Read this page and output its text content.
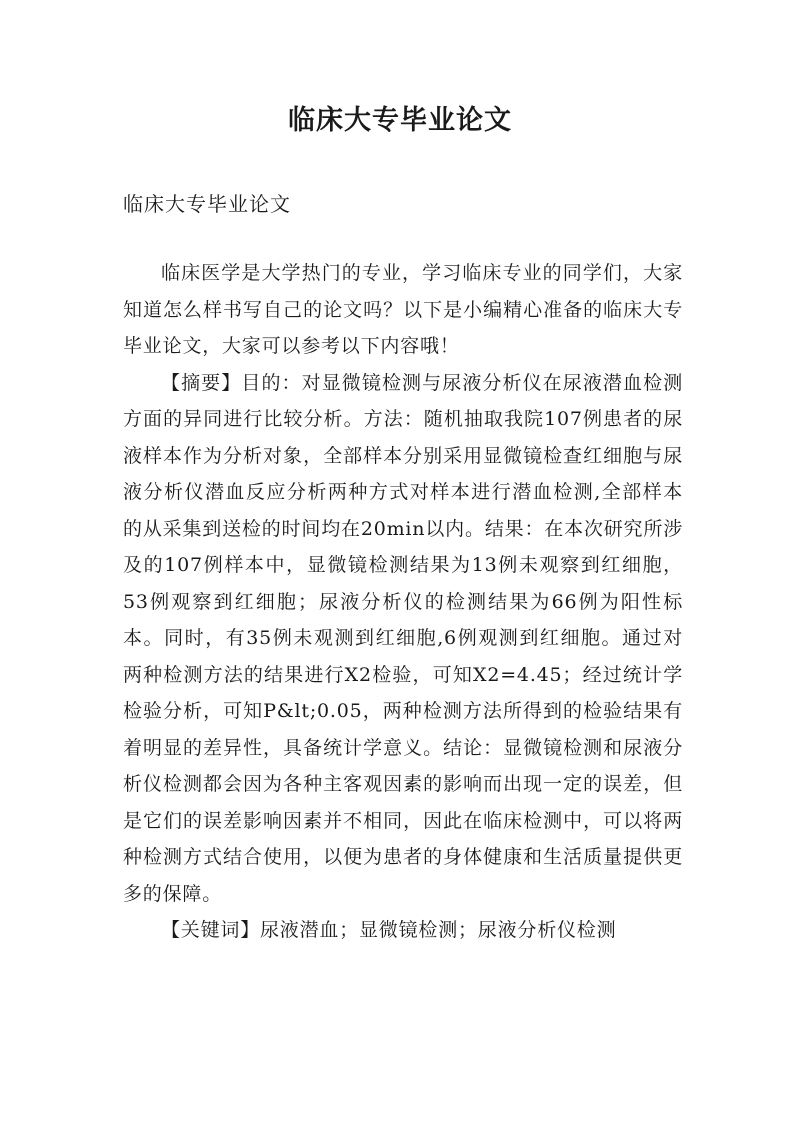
临床大专毕业论文
临床大专毕业论文

临床医学是大学热门的专业，学习临床专业的同学们，大家知道怎么样书写自己的论文吗？以下是小编精心准备的临床大专毕业论文，大家可以参考以下内容哦！

【摘要】目的：对显微镜检测与尿液分析仪在尿液潜血检测方面的异同进行比较分析。方法：随机抽取我院107例患者的尿液样本作为分析对象，全部样本分别采用显微镜检查红细胞与尿液分析仪潜血反应分析两种方式对样本进行潜血检测,全部样本的从采集到送检的时间均在20min以内。结果：在本次研究所涉及的107例样本中，显微镜检测结果为13例未观察到红细胞，53例观察到红细胞；尿液分析仪的检测结果为66例为阳性标本。同时，有35例未观测到红细胞,6例观测到红细胞。通过对两种检测方法的结果进行X2检验，可知X2=4.45；经过统计学检验分析，可知P&lt;0.05，两种检测方法所得到的检验结果有着明显的差异性，具备统计学意义。结论：显微镜检测和尿液分析仪检测都会因为各种主客观因素的影响而出现一定的误差，但是它们的误差影响因素并不相同，因此在临床检测中，可以将两种检测方式结合使用，以便为患者的身体健康和生活质量提供更多的保障。

【关键词】尿液潜血；显微镜检测；尿液分析仪检测
